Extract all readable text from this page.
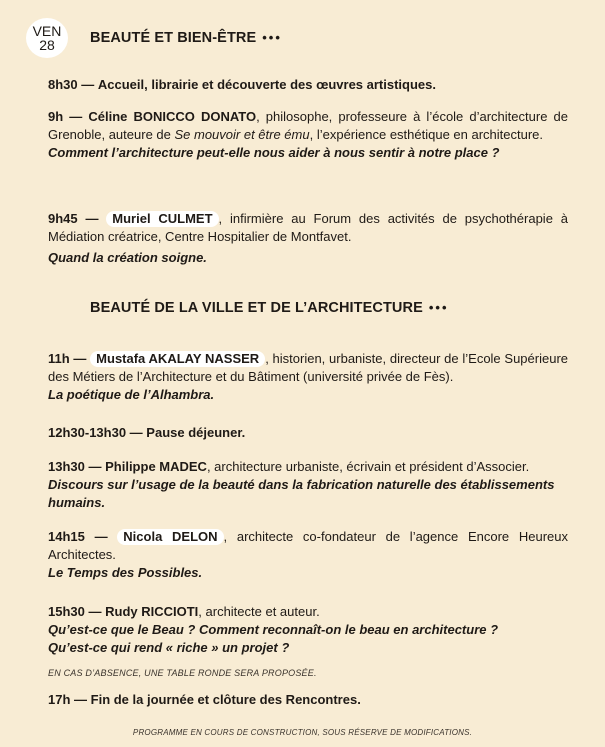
VEN
28 BEAUTÉ ET BIEN-ÊTRE •••
8h30 — Accueil, librairie et découverte des œuvres artistiques.
9h — Céline BONICCO DONATO, philosophe, professeure à l’école d’architecture de Grenoble, auteure de Se mouvoir et être ému, l’expérience esthétique en architecture.
Comment l’architecture peut-elle nous aider à nous sentir à notre place ?
9h45 — Muriel CULMET , infirmière au Forum des activités de psychothérapie à Médiation créatrice, Centre Hospitalier de Montfavet.
Quand la création soigne.
BEAUTÉ DE LA VILLE ET DE L’ARCHITECTURE •••
11h — Mustafa AKALAY NASSER , historien, urbaniste, directeur de l’Ecole Supérieure des Métiers de l’Architecture et du Bâtiment (université privée de Fès).
La poétique de l’Alhambra.
12h30-13h30 — Pause déjeuner.
13h30 — Philippe MADEC, architecture urbaniste, écrivain et président d’Associer.
Discours sur l’usage de la beauté dans la fabrication naturelle des établissements humains.
14h15 — Nicola DELON , architecte co-fondateur de l’agence Encore Heureux Architectes.
Le Temps des Possibles.
15h30 — Rudy RICCIOTI, architecte et auteur.
Qu’est-ce que le Beau ? Comment reconnaît-on le beau en architecture ?
Qu’est-ce qui rend « riche » un projet ?
EN CAS D’ABSENCE, UNE TABLE RONDE SERA PROPOSÉE.
17h — Fin de la journée et clôture des Rencontres.
PROGRAMME EN COURS DE CONSTRUCTION, SOUS RÉSERVE DE MODIFICATIONS.
